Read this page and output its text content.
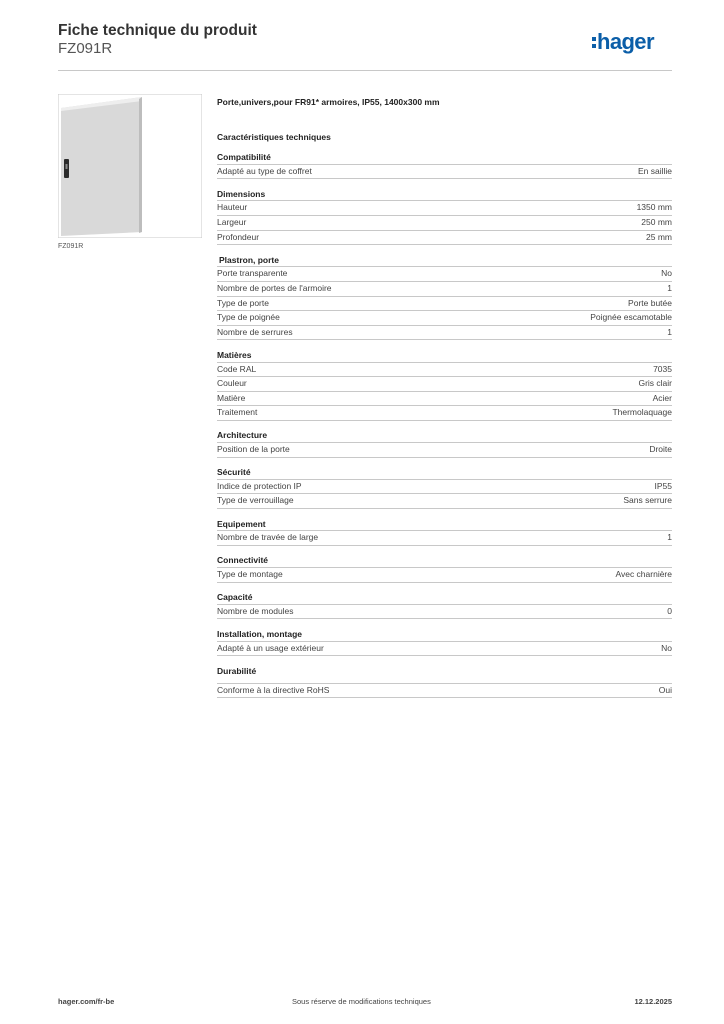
Fiche technique du produit
FZ091R	hager
FZ091R
Porte,univers,pour FR91* armoires, IP55, 1400x300 mm
Caractéristiques techniques
Compatibilité
Adapté au type de coffret	En saillie
Dimensions
Hauteur	1350 mm
Largeur	250 mm
Profondeur	25 mm
Plastron, porte
Porte transparente	No
Nombre de portes de l'armoire	1
Type de porte	Porte butée
Type de poignée	Poignée escamotable
Nombre de serrures	1
Matières
Code RAL	7035
Couleur	Gris clair
Matière	Acier
Traitement	Thermolaquage
Architecture
Position de la porte	Droite
Sécurité
Indice de protection IP	IP55
Type de verrouillage	Sans serrure
Equipement
Nombre de travée de large	1
Connectivité
Type de montage	Avec charnière
Capacité
Nombre de modules	0
Installation, montage
Adapté à un usage extérieur	No
Durabilité
Conforme à la directive RoHS	Oui
hager.com/fr-be	Sous réserve de modifications techniques	12.12.2025
